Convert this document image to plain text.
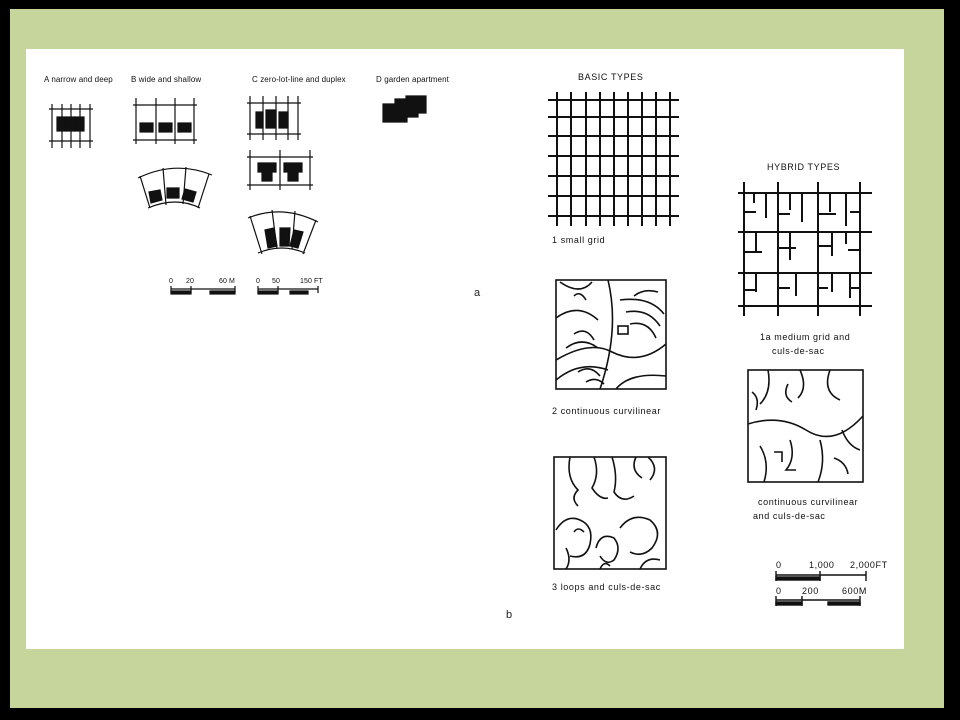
A narrow and deep B wide and shallow	C zero-lot-line and duplex	D garden apartment
0 20	60 M	0 50	150 FT
a
BASIC TYPES
HYBRID TYPES
1 small grid
1a medium grid and
culs-de-sac
2 continuous curvilinear
continuous curvilinear
and culs-de-sac
3 loops and culs-de-sac
0	1,000 2,000FT
0 200	600M
b
